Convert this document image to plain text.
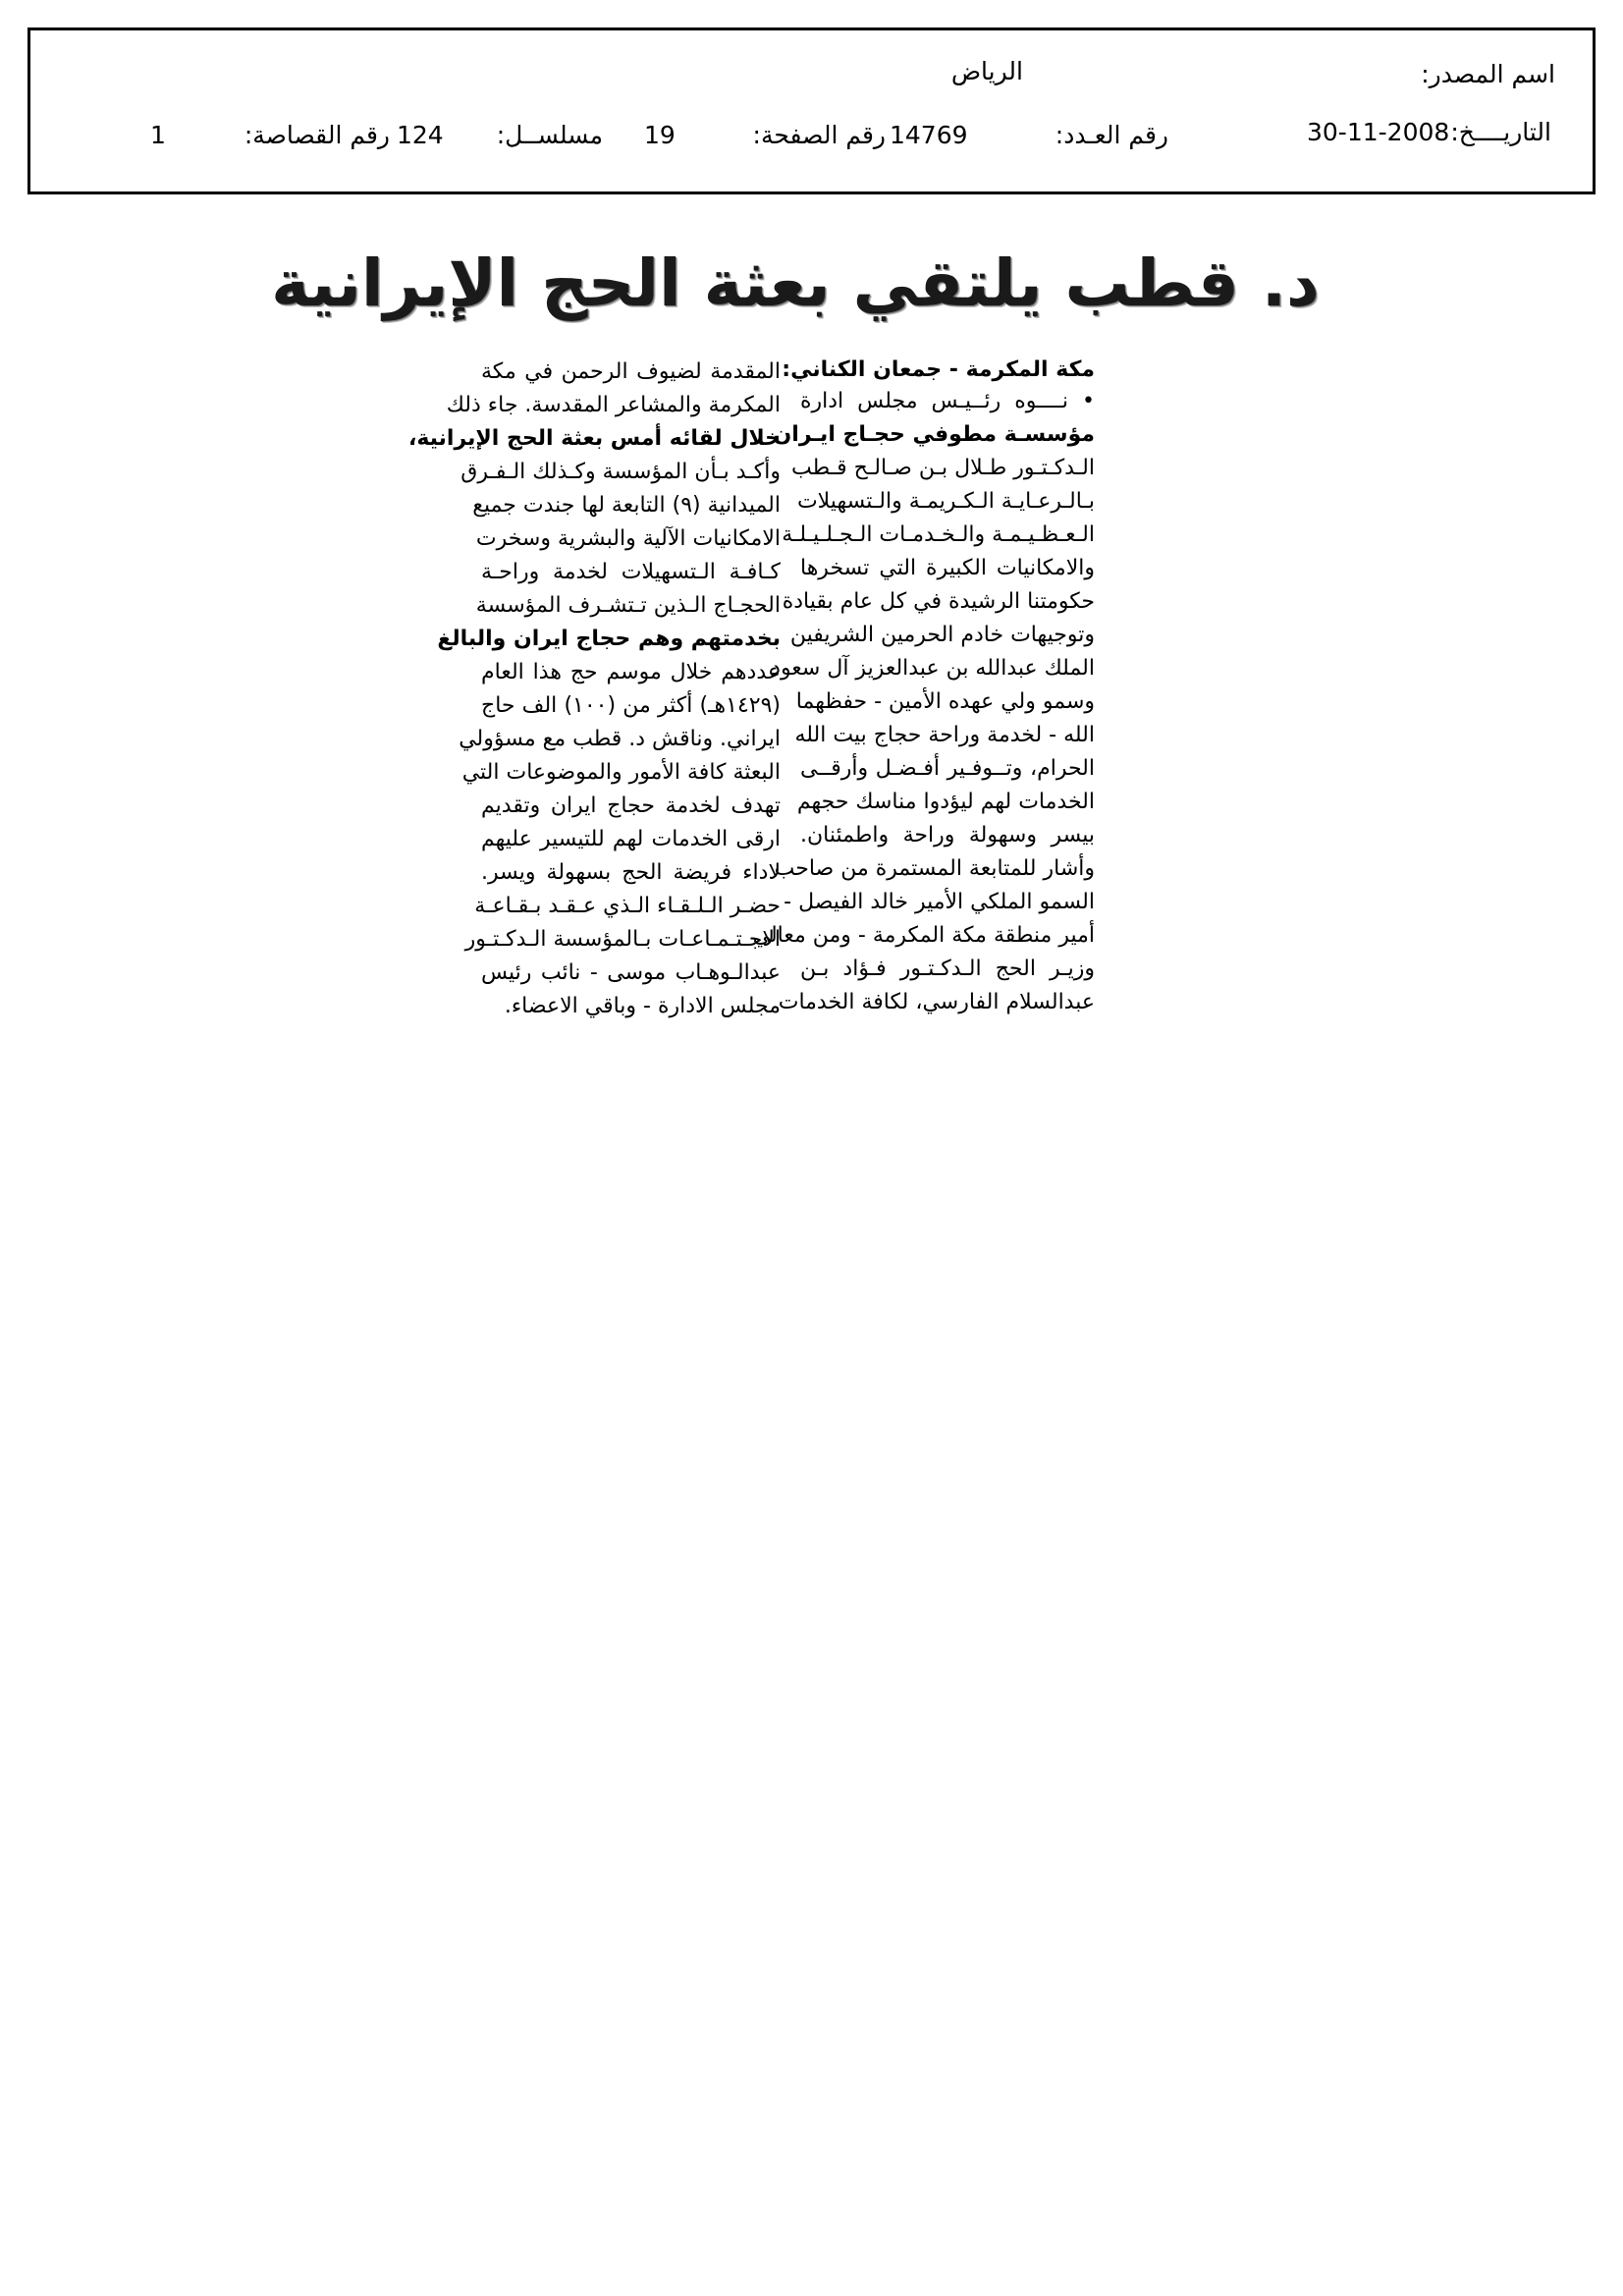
اسم المصدر:
الرياض
التاريــــخ:
30-11-2008
رقم العـدد:
14769
رقم الصفحة:
19
مسلســل:
124
رقم القصاصة:
1
د. قطب يلتقي بعثة الحج الإيرانية
مكة المكرمة - جمعان الكناني:
• نــــوه رئــيـس مجلس ادارة
مؤسسـة مطوفي حجـاج ايـران
الـدكـتـور طـلال بـن صـالـح قـطب
بـالـرعـايـة الـكـريمـة والـتسهيلات
الـعـظـيـمـة والـخـدمـات الـجـلـيـلـة
والامكانيات الكبيرة التي تسخرها
حكومتنا الرشيدة في كل عام بقيادة
وتوجيهات خادم الحرمين الشريفين
الملك عبدالله بن عبدالعزيز آل سعود
وسمو ولي عهده الأمين - حفظهما
الله - لخدمة وراحة حجاج بيت الله
الحرام، وتــوفـير أفـضـل وأرقــى
الخدمات لهم ليؤدوا مناسك حجهم
بيسر وسهولة وراحة واطمئنان.
وأشار للمتابعة المستمرة من صاحب
السمو الملكي الأمير خالد الفيصل -
أمير منطقة مكة المكرمة - ومن معالي
وزيـر الحج الـدكـتـور فـؤاد بـن
عبدالسلام الفارسي، لكافة الخدمات
المقدمة لضيوف الرحمن في مكة
المكرمة والمشاعر المقدسة. جاء ذلك
خلال لقائه أمس بعثة الحج الإيرانية،
وأكـد بـأن المؤسسة وكـذلك الـفـرق
الميدانية (٩) التابعة لها جندت جميع
الامكانيات الآلية والبشرية وسخرت
كـافـة الـتسهيلات لخدمة وراحـة
الحجـاج الـذين تـتشـرف المؤسسة
بخدمتهم وهم حجاج ايران والبالغ
عددهم خلال موسم حج هذا العام
(١٤٢٩هـ) أكثر من (١٠٠) الف حاج
ايراني. وناقش د. قطب مع مسؤولي
البعثة كافة الأمور والموضوعات التي
تهدف لخدمة حجاج ايران وتقديم
ارقى الخدمات لهم للتيسير عليهم
لاداء فريضة الحج بسهولة ويسر.
حضـر الـلـقـاء الـذي عـقـد بـقـاعـة
الاجـتـمـاعـات بـالمؤسسة الـدكـتـور
عبدالـوهـاب موسى - نائب رئيس
مجلس الادارة - وباقي الاعضاء.
